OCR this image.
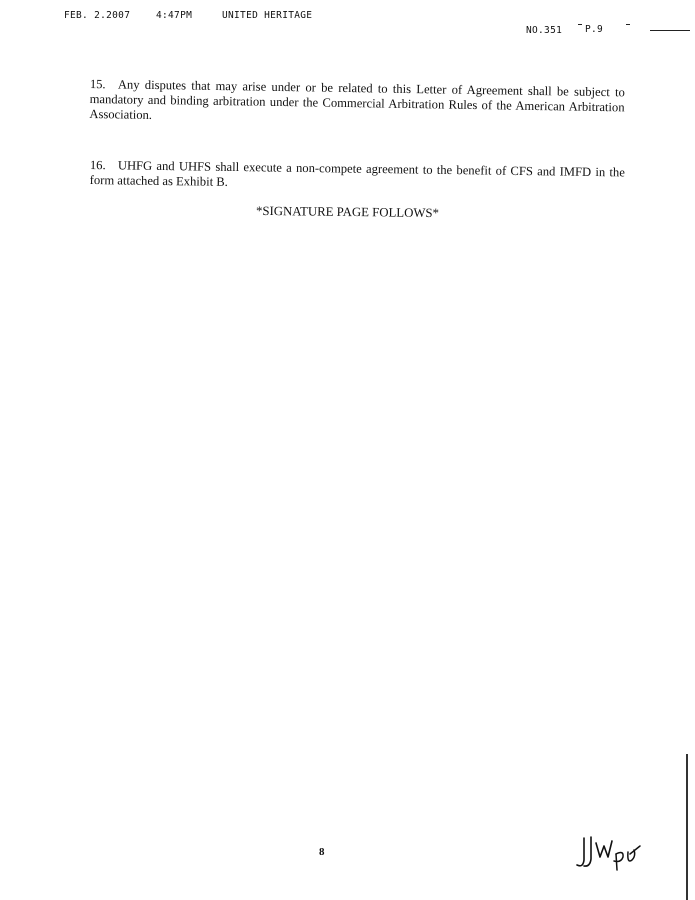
FEB. 2.2007	4:47PM	UNITED HERITAGE
NO.351 P.9
15. Any disputes that may arise under or be related to this Letter of Agreement shall be subject to mandatory and binding arbitration under the Commercial Arbitration Rules of the American Arbitration Association.
16. UHFG and UHFS shall execute a non-compete agreement to the benefit of CFS and IMFD in the form attached as Exhibit B.
*SIGNATURE PAGE FOLLOWS*
8
